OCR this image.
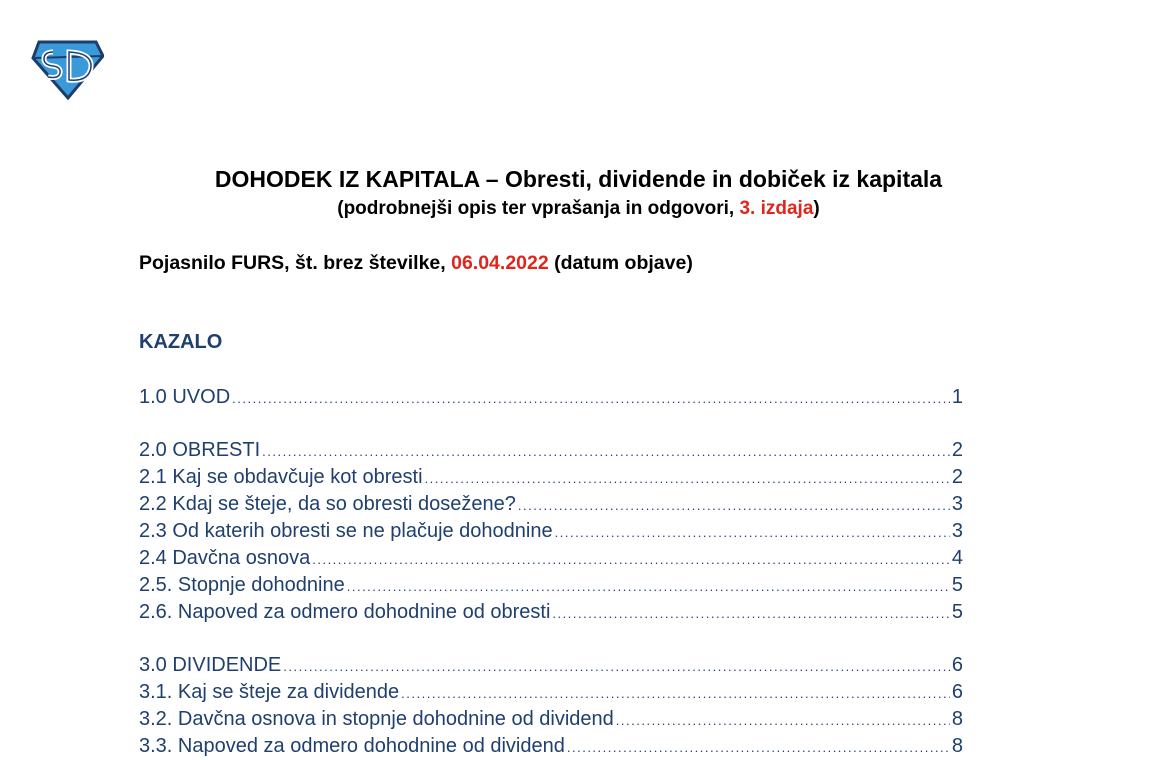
DOHODEK IZ KAPITALA – Obresti, dividende in dobiček iz kapitala
(podrobnejši opis ter vprašanja in odgovori, 3. izdaja)
Pojasnilo FURS, št. brez številke, 06.04.2022 (datum objave)
KAZALO
1.0 UVOD .....	1
2.0 OBRESTI .....	2
2.1 Kaj se obdavčuje kot obresti .....	2
2.2 Kdaj se šteje, da so obresti dosežene? .....	3
2.3 Od katerih obresti se ne plačuje dohodnine .....	3
2.4 Davčna osnova .....	4
2.5. Stopnje dohodnine .....	5
2.6. Napoved za odmero dohodnine od obresti .....	5
3.0 DIVIDENDE .....	6
3.1. Kaj se šteje za dividende .....	6
3.2. Davčna osnova in stopnje dohodnine od dividend .....	8
3.3. Napoved za odmero dohodnine od dividend .....	8
